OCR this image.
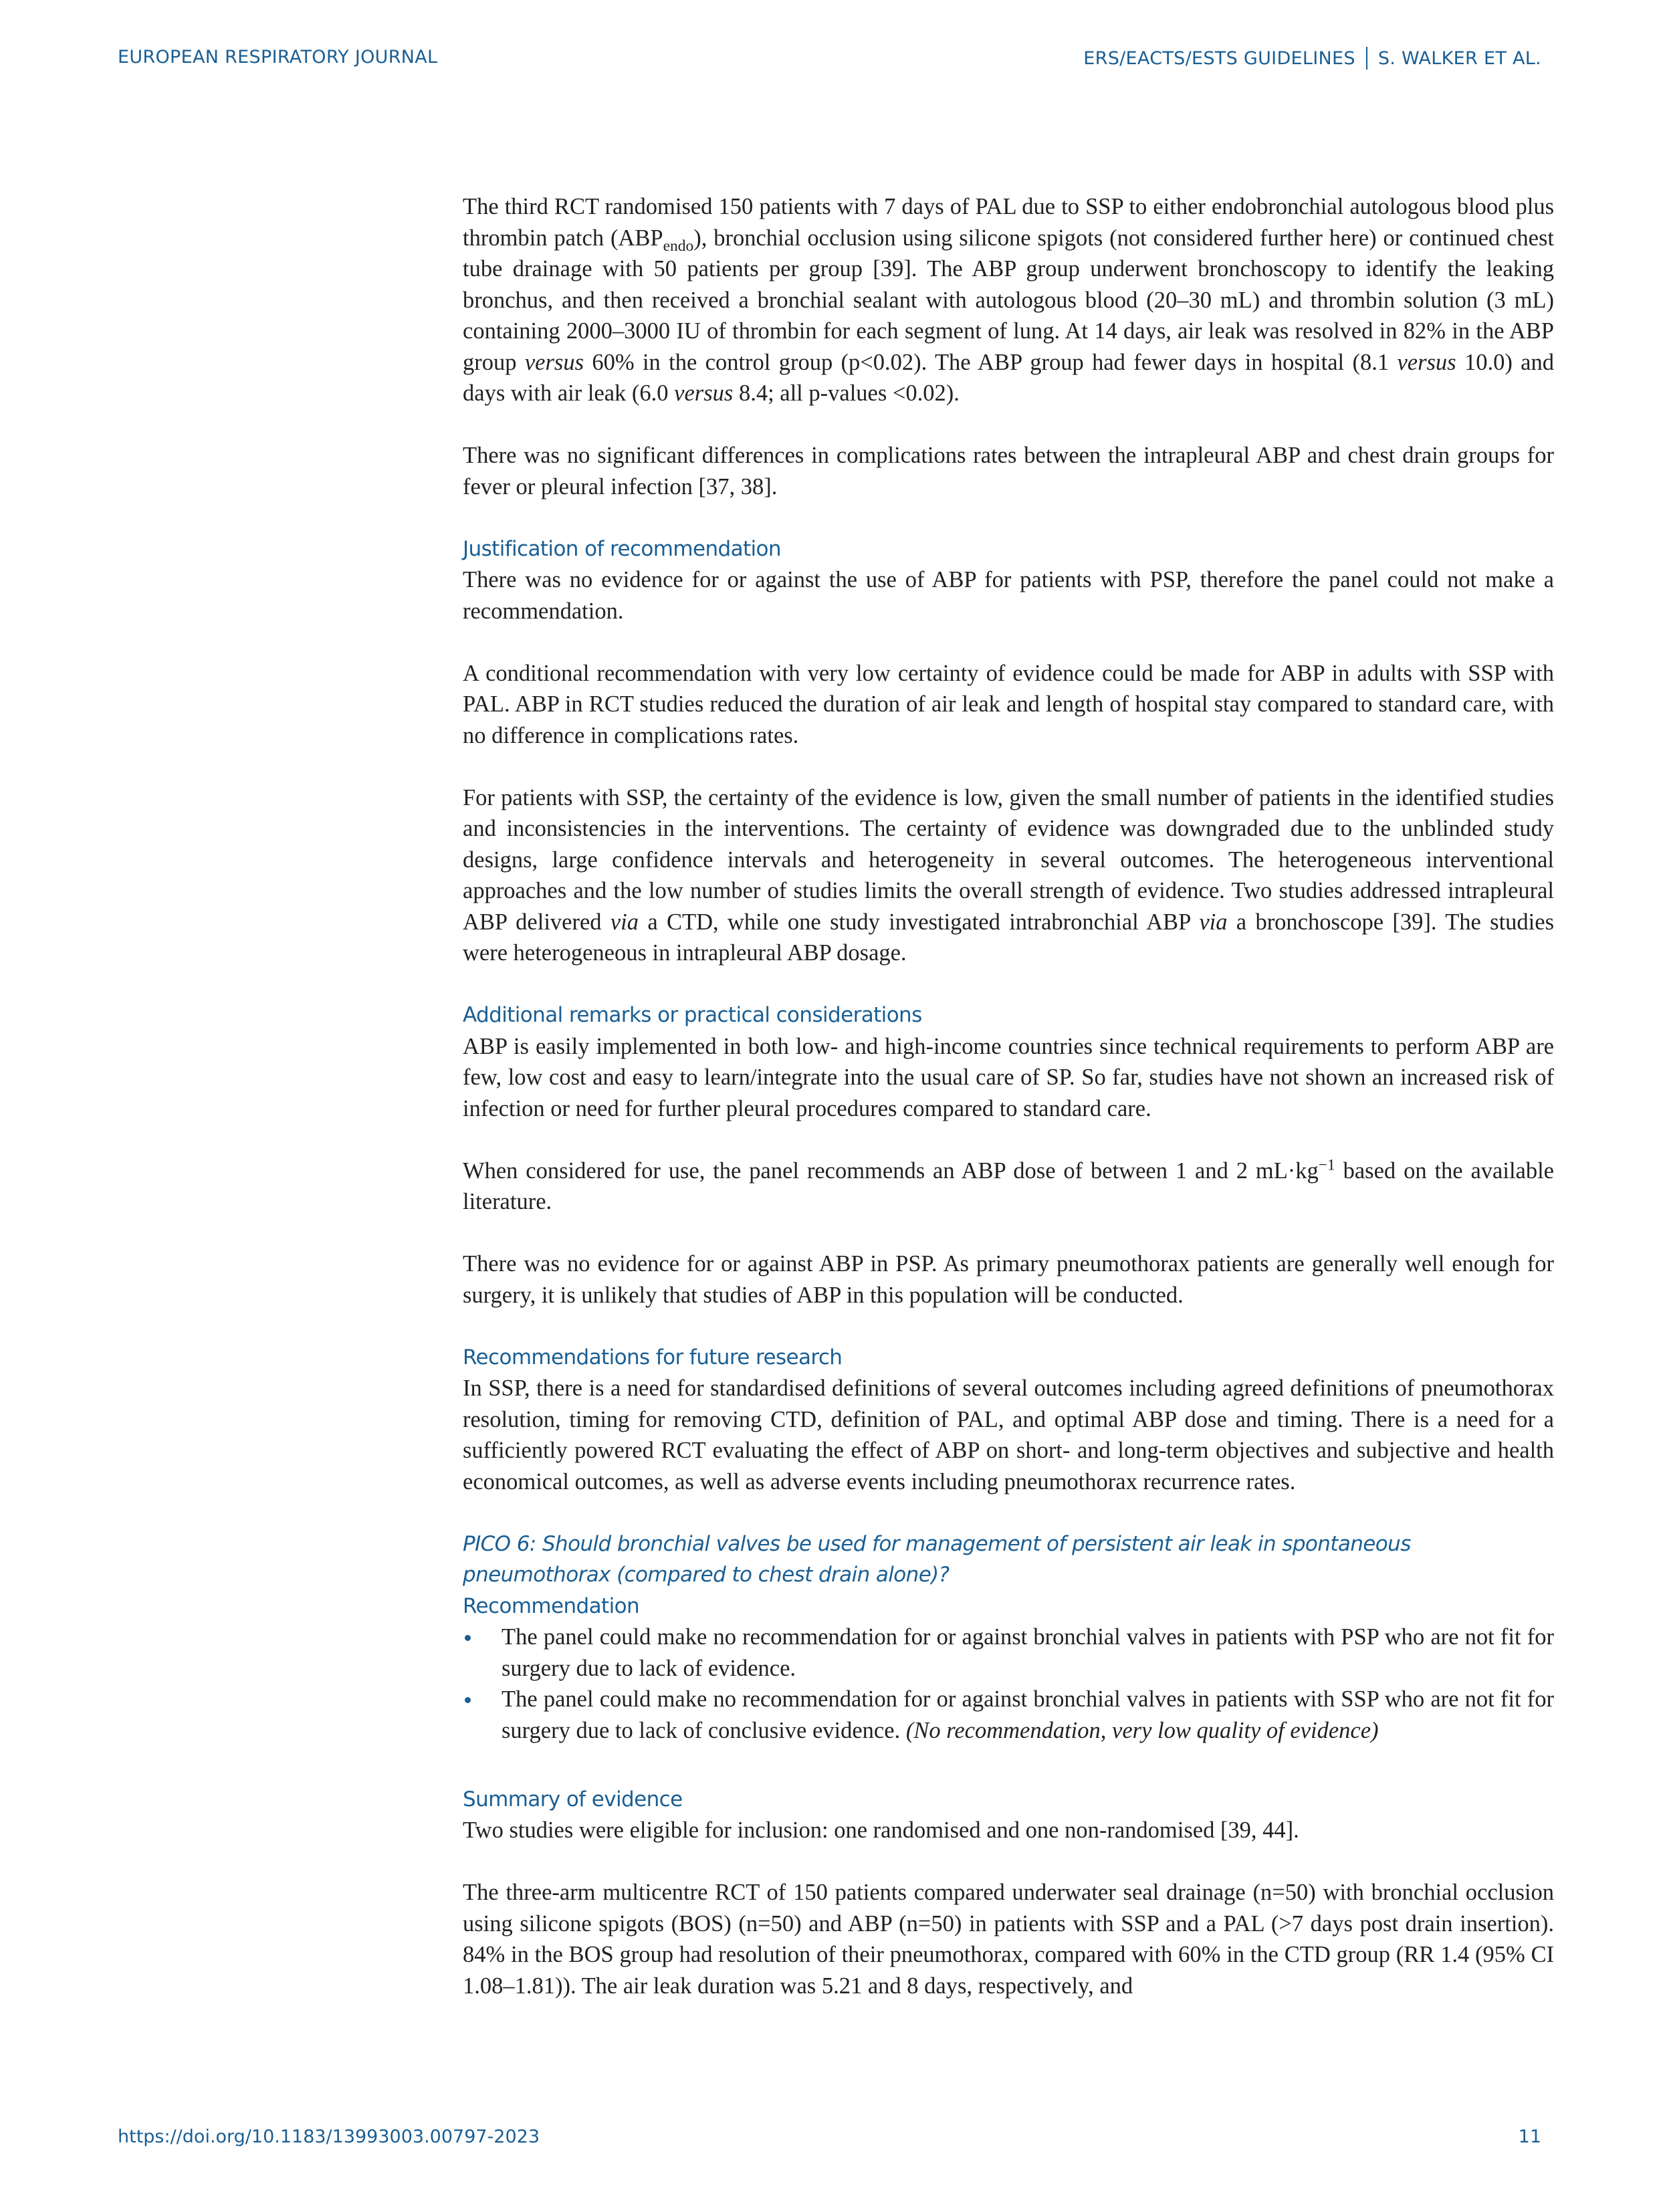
EUROPEAN RESPIRATORY JOURNAL	ERS/EACTS/ESTS GUIDELINES S. WALKER ET AL.

The third RCT randomised 150 patients with 7 days of PAL due to SSP to either endobronchial autologous blood plus thrombin patch $(ABP_{endo})$, bronchial occlusion using silicone spigots (not considered further here) or continued chest tube drainage with 50 patients per group [39]. The ABP group underwent bronchoscopy to identify the leaking bronchus, and then received a bronchial sealant with autologous blood (20–30 mL) and thrombin solution (3 mL) containing 2000–3000 IU of thrombin for each segment of lung. At 14 days, air leak was resolved in 82% in the ABP group versus 60% in the control group (p<0.02). The ABP group had fewer days in hospital (8.1 versus 10.0) and days with air leak (6.0 versus 8.4; all p-values <0.02).

There was no significant differences in complications rates between the intrapleural ABP and chest drain groups for fever or pleural infection [37, 38].

Justification of recommendation

There was no evidence for or against the use of ABP for patients with PSP, therefore the panel could not make a recommendation.

A conditional recommendation with very low certainty of evidence could be made for ABP in adults with SSP with PAL. ABP in RCT studies reduced the duration of air leak and length of hospital stay compared to standard care, with no difference in complications rates.

For patients with SSP, the certainty of the evidence is low, given the small number of patients in the identified studies and inconsistencies in the interventions. The certainty of evidence was downgraded due to the unblinded study designs, large confidence intervals and heterogeneity in several outcomes. The heterogeneous interventional approaches and the low number of studies limits the overall strength of evidence. Two studies addressed intrapleural ABP delivered via a CTD, while one study investigated intrabronchial ABP via a bronchoscope [39]. The studies were heterogeneous in intrapleural ABP dosage.

Additional remarks or practical considerations

ABP is easily implemented in both low- and high-income countries since technical requirements to perform ABP are few, low cost and easy to learn/integrate into the usual care of SP. So far, studies have not shown an increased risk of infection or need for further pleural procedures compared to standard care.

When considered for use, the panel recommends an ABP dose of between 1 and 2 $mL\cdot kg^{-1}$ based on the available literature.

There was no evidence for or against ABP in PSP. As primary pneumothorax patients are generally well enough for surgery, it is unlikely that studies of ABP in this population will be conducted.

Recommendations for future research

In SSP, there is a need for standardised definitions of several outcomes including agreed definitions of pneumothorax resolution, timing for removing CTD, definition of PAL, and optimal ABP dose and timing. There is a need for a sufficiently powered RCT evaluating the effect of ABP on short- and long-term objectives and subjective and health economical outcomes, as well as adverse events including pneumothorax recurrence rates.

PICO 6: Should bronchial valves be used for management of persistent air leak in spontaneous pneumothorax (compared to chest drain alone)?
Recommendation
The panel could make no recommendation for or against bronchial valves in patients with PSP who are not fit for surgery due to lack of evidence.
The panel could make no recommendation for or against bronchial valves in patients with SSP who are not fit for surgery due to lack of conclusive evidence. (No recommendation, very low quality of evidence)
Summary of evidence

Two studies were eligible for inclusion: one randomised and one non-randomised [39, 44].

The three-arm multicentre RCT of 150 patients compared underwater seal drainage (n=50) with bronchial occlusion using silicone spigots (BOS) (n=50) and ABP (n=50) in patients with SSP and a PAL (>7 days post drain insertion). 84% in the BOS group had resolution of their pneumothorax, compared with 60% in the CTD group (RR 1.4 (95% CI 1.08–1.81)). The air leak duration was 5.21 and 8 days, respectively, and

https://doi.org/10.1183/13993003.00797-2023	11
